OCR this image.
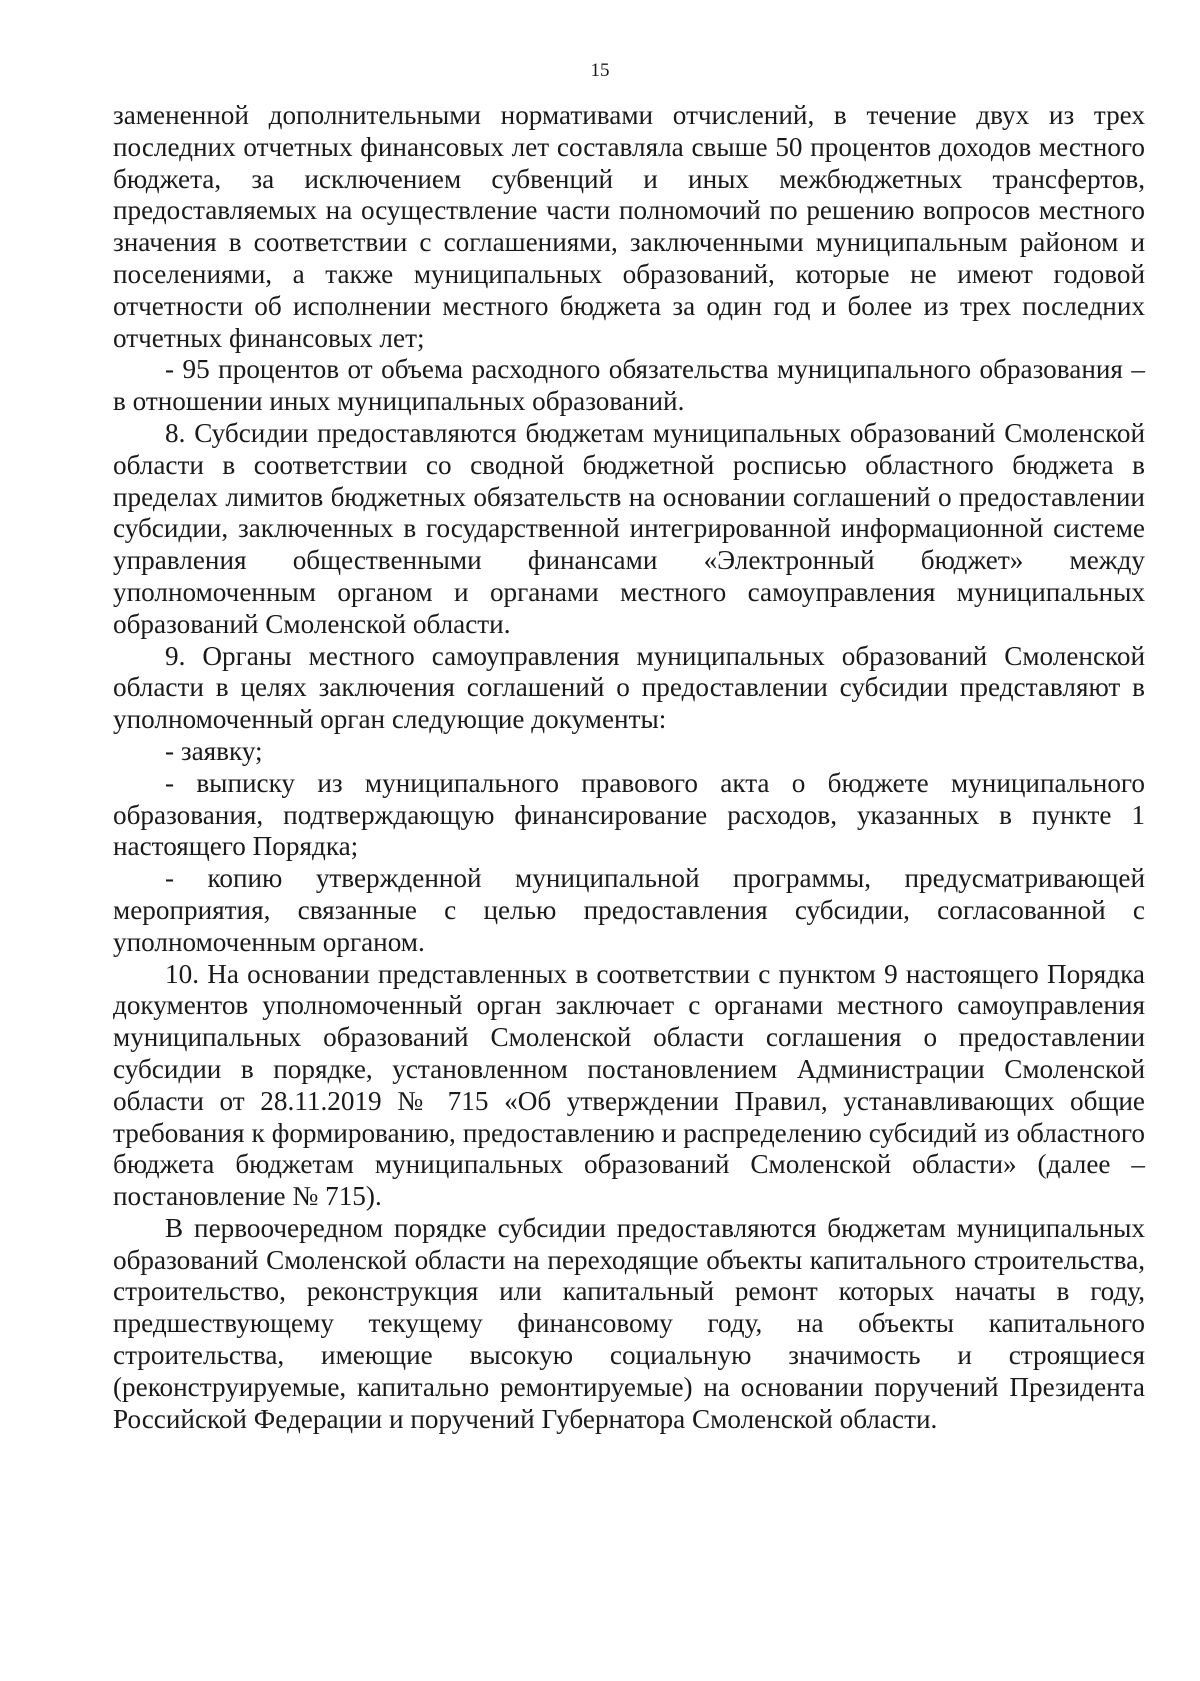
15

замененной дополнительными нормативами отчислений, в течение двух из трех последних отчетных финансовых лет составляла свыше 50 процентов доходов местного бюджета, за исключением субвенций и иных межбюджетных трансфертов, предоставляемых на осуществление части полномочий по решению вопросов местного значения в соответствии с соглашениями, заключенными муниципальным районом и поселениями, а также муниципальных образований, которые не имеют годовой отчетности об исполнении местного бюджета за один год и более из трех последних отчетных финансовых лет;

- 95 процентов от объема расходного обязательства муниципального образования – в отношении иных муниципальных образований.

8. Субсидии предоставляются бюджетам муниципальных образований Смоленской области в соответствии со сводной бюджетной росписью областного бюджета в пределах лимитов бюджетных обязательств на основании соглашений о предоставлении субсидии, заключенных в государственной интегрированной информационной системе управления общественными финансами «Электронный бюджет» между уполномоченным органом и органами местного самоуправления муниципальных образований Смоленской области.

9. Органы местного самоуправления муниципальных образований Смоленской области в целях заключения соглашений о предоставлении субсидии представляют в уполномоченный орган следующие документы:

- заявку;

- выписку из муниципального правового акта о бюджете муниципального образования, подтверждающую финансирование расходов, указанных в пункте 1 настоящего Порядка;

- копию утвержденной муниципальной программы, предусматривающей мероприятия, связанные с целью предоставления субсидии, согласованной с уполномоченным органом.

10. На основании представленных в соответствии с пунктом 9 настоящего Порядка документов уполномоченный орган заключает с органами местного самоуправления муниципальных образований Смоленской области соглашения о предоставлении субсидии в порядке, установленном постановлением Администрации Смоленской области от 28.11.2019 № 715 «Об утверждении Правил, устанавливающих общие требования к формированию, предоставлению и распределению субсидий из областного бюджета бюджетам муниципальных образований Смоленской области» (далее – постановление № 715).

В первоочередном порядке субсидии предоставляются бюджетам муниципальных образований Смоленской области на переходящие объекты капитального строительства, строительство, реконструкция или капитальный ремонт которых начаты в году, предшествующему текущему финансовому году, на объекты капитального строительства, имеющие высокую социальную значимость и строящиеся (реконструируемые, капитально ремонтируемые) на основании поручений Президента Российской Федерации и поручений Губернатора Смоленской области.
